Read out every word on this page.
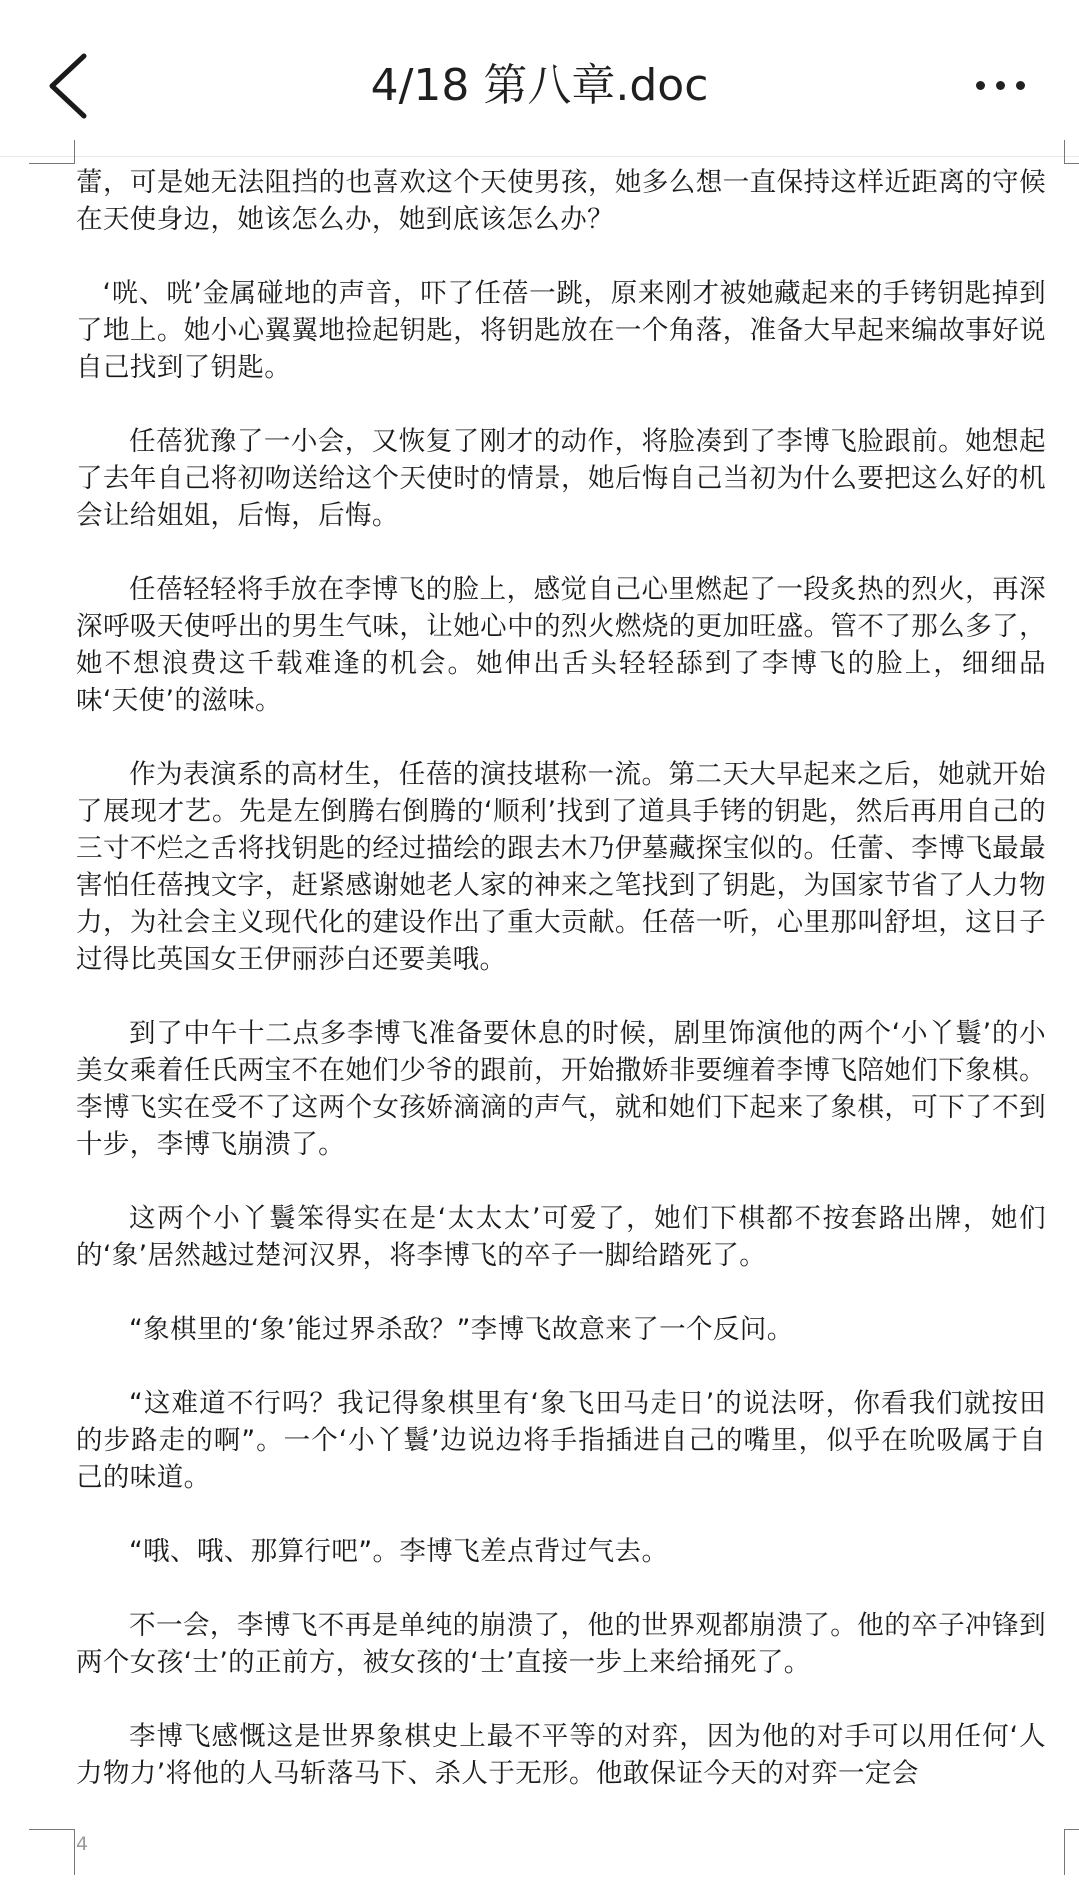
4/18 第八章.doc

蕾，可是她无法阻挡的也喜欢这个天使男孩，她多么想一直保持这样近距离的守候在天使身边，她该怎么办，她到底该怎么办？

‘咣、咣’金属碰地的声音，吓了任蓓一跳，原来刚才被她藏起来的手铐钥匙掉到了地上。她小心翼翼地捡起钥匙，将钥匙放在一个角落，准备大早起来编故事好说自己找到了钥匙。

任蓓犹豫了一小会，又恢复了刚才的动作，将脸凑到了李博飞脸跟前。她想起了去年自己将初吻送给这个天使时的情景，她后悔自己当初为什么要把这么好的机会让给姐姐，后悔，后悔。

任蓓轻轻将手放在李博飞的脸上，感觉自己心里燃起了一段炙热的烈火，再深深呼吸天使呼出的男生气味，让她心中的烈火燃烧的更加旺盛。管不了那么多了，她不想浪费这千载难逢的机会。她伸出舌头轻轻舔到了李博飞的脸上，细细品味‘天使’的滋味。

作为表演系的高材生，任蓓的演技堪称一流。第二天大早起来之后，她就开始了展现才艺。先是左倒腾右倒腾的‘顺利’找到了道具手铐的钥匙，然后再用自己的三寸不烂之舌将找钥匙的经过描绘的跟去木乃伊墓藏探宝似的。任蕾、李博飞最最害怕任蓓拽文字，赶紧感谢她老人家的神来之笔找到了钥匙，为国家节省了人力物力，为社会主义现代化的建设作出了重大贡献。任蓓一听，心里那叫舒坦，这日子过得比英国女王伊丽莎白还要美哦。

到了中午十二点多李博飞准备要休息的时候，剧里饰演他的两个‘小丫鬟’的小美女乘着任氏两宝不在她们少爷的跟前，开始撒娇非要缠着李博飞陪她们下象棋。李博飞实在受不了这两个女孩娇滴滴的声气，就和她们下起来了象棋，可下了不到十步，李博飞崩溃了。

这两个小丫鬟笨得实在是‘太太太’可爱了，她们下棋都不按套路出牌，她们的‘象’居然越过楚河汉界，将李博飞的卒子一脚给踏死了。

“象棋里的‘象’能过界杀敌？”李博飞故意来了一个反问。

“这难道不行吗？我记得象棋里有‘象飞田马走日’的说法呀，你看我们就按田的步路走的啊”。一个‘小丫鬟’边说边将手指插进自己的嘴里，似乎在吮吸属于自己的味道。

“哦、哦、那算行吧”。李博飞差点背过气去。

不一会，李博飞不再是单纯的崩溃了，他的世界观都崩溃了。他的卒子冲锋到两个女孩‘士’的正前方，被女孩的‘士’直接一步上来给捅死了。

李博飞感慨这是世界象棋史上最不平等的对弈，因为他的对手可以用任何‘人力物力’将他的人马斩落马下、杀人于无形。他敢保证今天的对弈一定会

4
